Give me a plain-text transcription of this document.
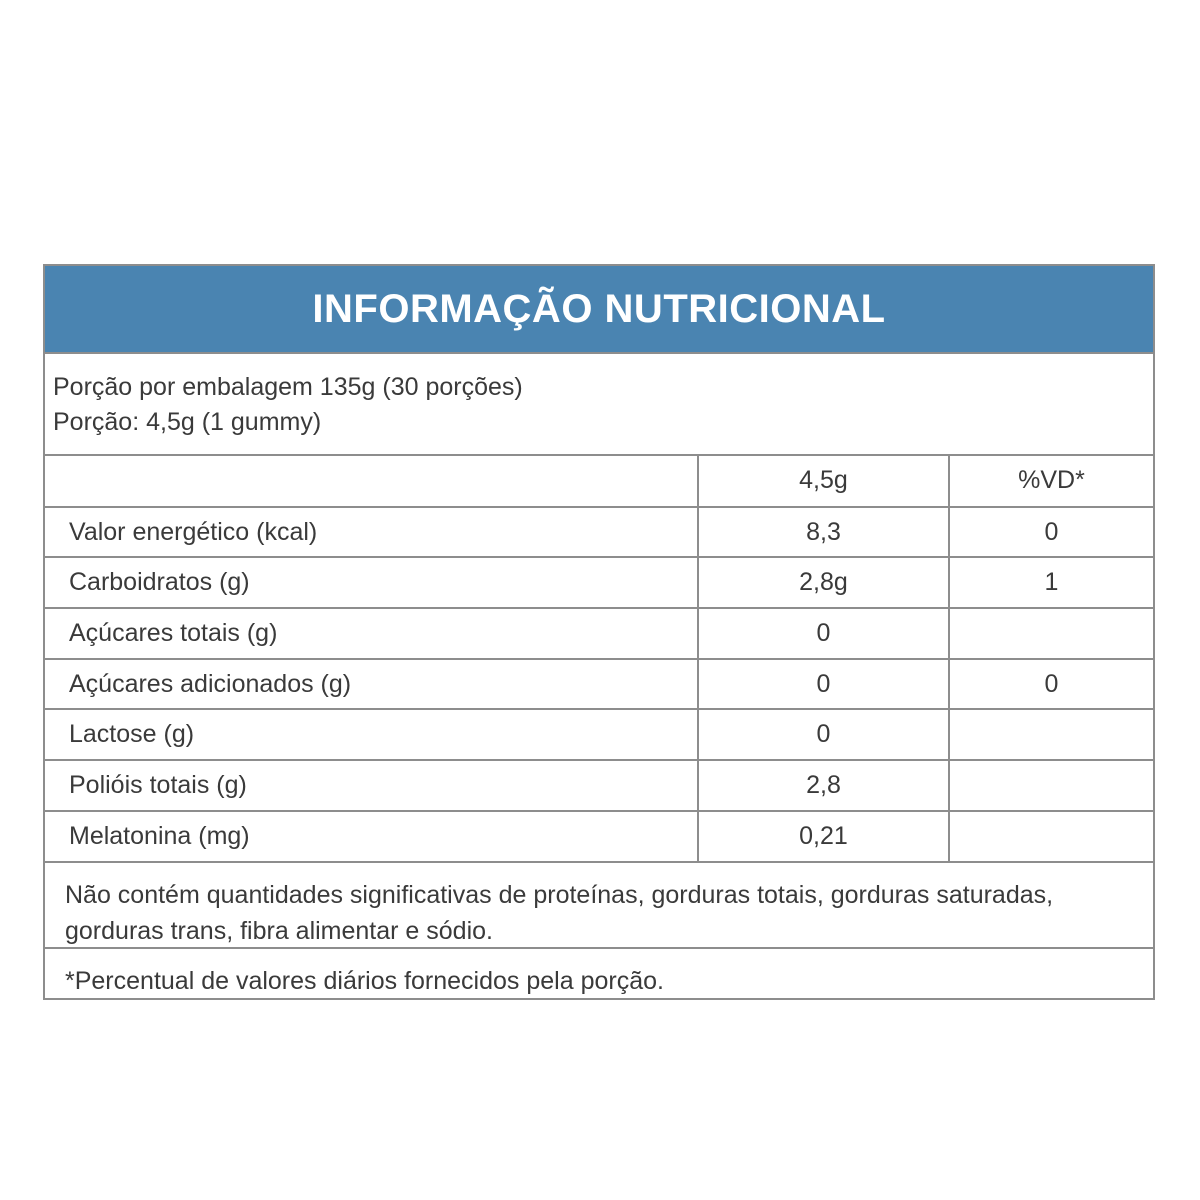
INFORMAÇÃO NUTRICIONAL
Porção por embalagem 135g (30 porções)
Porção: 4,5g (1 gummy)
	4,5g	%VD*
Valor energético (kcal)	8,3	0
Carboidratos (g)	2,8g	1
Açúcares totais (g)	0	
Açúcares adicionados (g)	0	0
Lactose (g)	0	
Polióis totais (g)	2,8	
Melatonina (mg)	0,21	
Não contém quantidades significativas de proteínas, gorduras totais, gorduras saturadas,
gorduras trans, fibra alimentar e sódio.
*Percentual de valores diários fornecidos pela porção.
